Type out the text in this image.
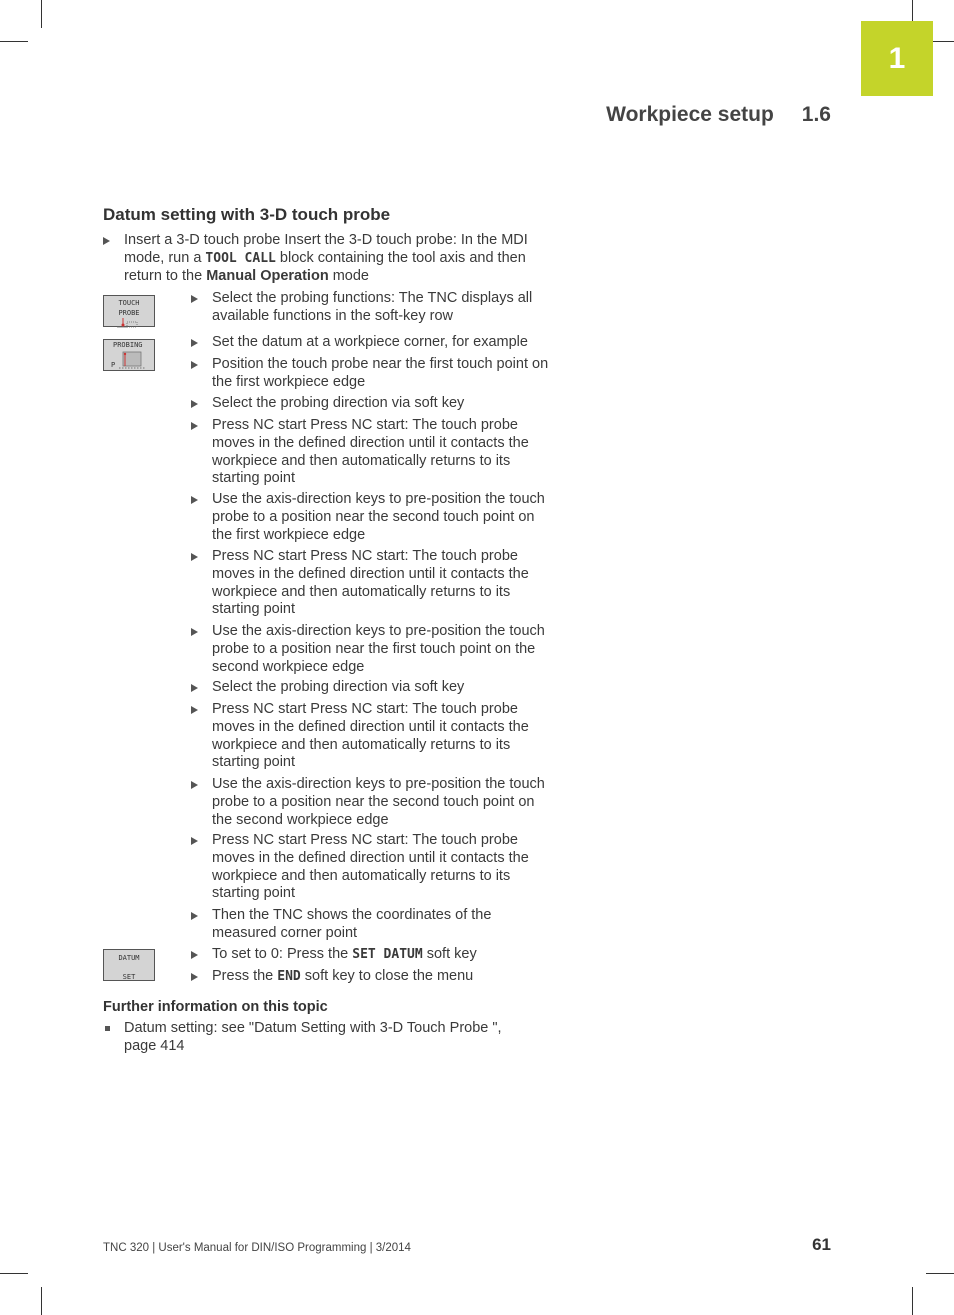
1
Workpiece setup 1.6
Datum setting with 3-D touch probe
Insert a 3-D touch probe Insert the 3-D touch probe: In the MDI mode, run a TOOL CALL block containing the tool axis and then return to the Manual Operation mode
TOUCH
PROBE
PROBING
P
DATUM
SET
Select the probing functions: The TNC displays all available functions in the soft-key row
Set the datum at a workpiece corner, for example
Position the touch probe near the first touch point on the first workpiece edge
Select the probing direction via soft key
Press NC start Press NC start: The touch probe moves in the defined direction until it contacts the workpiece and then automatically returns to its starting point
Use the axis-direction keys to pre-position the touch probe to a position near the second touch point on the first workpiece edge
Press NC start Press NC start: The touch probe moves in the defined direction until it contacts the workpiece and then automatically returns to its starting point
Use the axis-direction keys to pre-position the touch probe to a position near the first touch point on the second workpiece edge
Select the probing direction via soft key
Press NC start Press NC start: The touch probe moves in the defined direction until it contacts the workpiece and then automatically returns to its starting point
Use the axis-direction keys to pre-position the touch probe to a position near the second touch point on the second workpiece edge
Press NC start Press NC start: The touch probe moves in the defined direction until it contacts the workpiece and then automatically returns to its starting point
Then the TNC shows the coordinates of the measured corner point
To set to 0: Press the SET DATUM soft key
Press the END soft key to close the menu
Further information on this topic
Datum setting: see "Datum Setting with 3-D Touch Probe ", page 414
TNC 320 | User's Manual for DIN/ISO Programming | 3/2014	61
